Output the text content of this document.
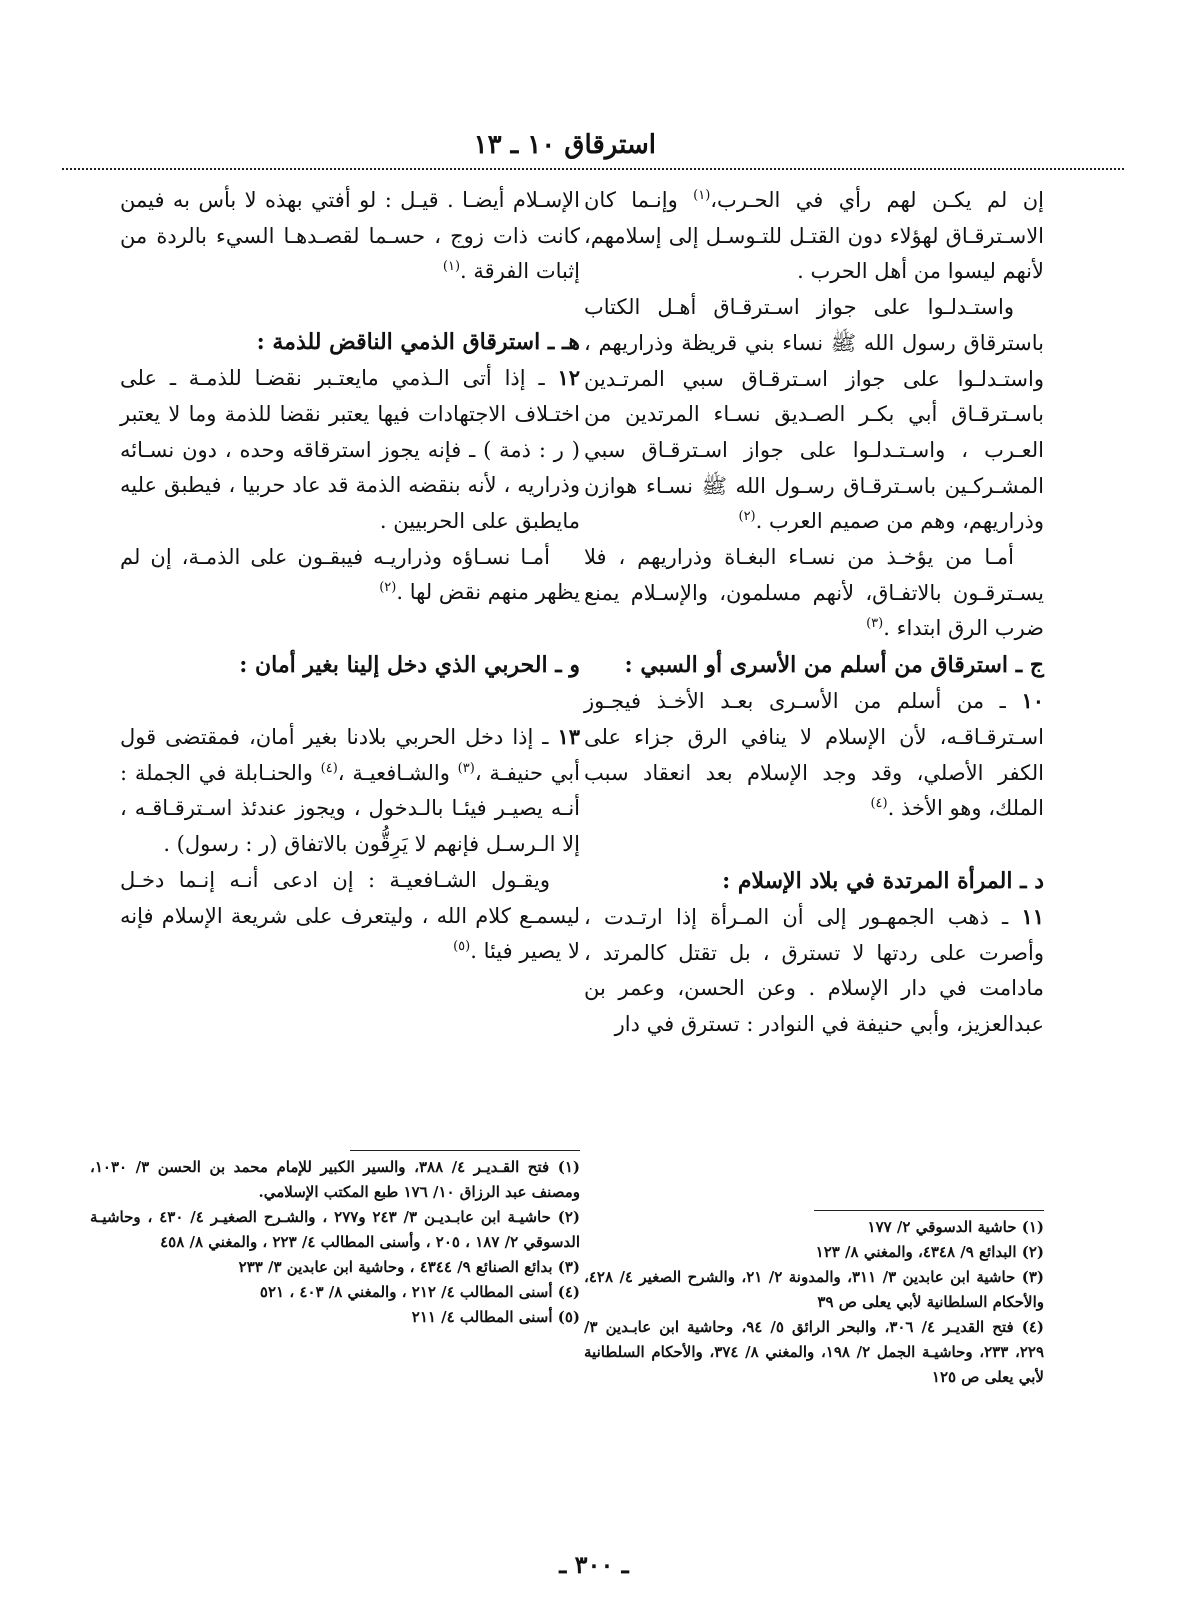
استرقاق ١٠ ـ ١٣

إن لم يكـن لهم رأي في الحـرب،$^{(١)}$ وإنـما كان الاسـترقـاق لهؤلاء دون القتـل للتـوسـل إلى إسلامهم، لأنهم ليسوا من أهل الحرب .

واستـدلـوا على جواز اسـترقـاق أهـل الكتاب باسترقاق رسول الله ﷺ نساء بني قريظة وذراريهم ، واستـدلـوا على جواز اسـترقـاق سبي المرتـدين باسـترقـاق أبي بكـر الصـديق نسـاء المرتدين من العـرب ، واسـتـدلـوا على جواز اسـترقـاق سبي المشـركـين باسـترقـاق رسـول الله ﷺ نسـاء هوازن وذراريهم، وهم من صميم العرب .$^{(٢)}$

أمـا من يؤخـذ من نسـاء البغـاة وذراريهم ، فلا يسـترقـون بالاتفـاق، لأنهم مسلمون، والإسـلام يمنع ضرب الرق ابتداء .$^{(٣)}$

ج ـ استرقاق من أسلم من الأسرى أو السبي :

١٠ ـ من أسلم من الأسـرى بعـد الأخـذ فيجـوز اسـترقـاقـه، لأن الإسلام لا ينافي الرق جزاء على الكفر الأصلي، وقد وجد الإسلام بعد انعقاد سبب الملك، وهو الأخذ .$^{(٤)}$

د ـ المرأة المرتدة في بلاد الإسلام :

١١ ـ ذهب الجمهـور إلى أن المـرأة إذا ارتـدت ، وأصرت على ردتها لا تسترق ، بل تقتل كالمرتد ، مادامت في دار الإسلام . وعن الحسن، وعمر بن عبدالعزيز، وأبي حنيفة في النوادر : تسترق في دار

(١) حاشية الدسوقي ٢/ ١٧٧

(٢) البدائع ٩/ ٤٣٤٨، والمغني ٨/ ١٢٣

(٣) حاشية ابن عابدين ٣/ ٣١١، والمدونة ٢/ ٢١، والشرح الصغير ٤/ ٤٢٨، والأحكام السلطانية لأبي يعلى ص ٣٩

(٤) فتح القديـر ٤/ ٣٠٦، والبحر الرائق ٥/ ٩٤، وحاشية ابن عابـدين ٣/ ٢٢٩، ٢٣٣، وحاشيـة الجمل ٢/ ١٩٨، والمغني ٨/ ٣٧٤، والأحكام السلطانية لأبي يعلى ص ١٢٥

الإسـلام أيضـا . قيـل : لو أفتي بهذه لا بأس به فيمن كانت ذات زوج ، حسـما لقصـدهـا السيء بالردة من إثبات الفرقة .$^{(١)}$

هـ ـ استرقاق الذمي الناقض للذمة :

١٢ ـ إذا أتى الـذمي مايعتـبر نقضـا للذمـة ـ على اختـلاف الاجتهادات فيها يعتبر نقضا للذمة وما لا يعتبر ( ر : ذمة ) ـ فإنه يجوز استرقاقه وحده ، دون نسـائه وذراريه ، لأنه بنقضه الذمة قد عاد حربيا ، فيطبق عليه مايطبق على الحربيين .

أمـا نسـاؤه وذراريـه فيبقـون على الذمـة، إن لم يظهر منهم نقض لها .$^{(٢)}$

و ـ الحربي الذي دخل إلينا بغير أمان :

١٣ ـ إذا دخل الحربي بلادنا بغير أمان، فمقتضى قول أبي حنيفـة ،$^{(٣)}$ والشـافعيـة ،$^{(٤)}$ والحنـابلة في الجملة : أنـه يصيـر فيئـا بالـدخول ، ويجوز عندئذ اسـترقـاقـه ، إلا الـرسـل فإنهم لا يَرِقُّون بالاتفاق (ر : رسول) .

ويقـول الشـافعيـة : إن ادعى أنـه إنـما دخـل ليسمـع كلام الله ، وليتعرف على شريعة الإسلام فإنه لا يصير فيئا .$^{(٥)}$

(١) فتح القـديـر ٤/ ٣٨٨، والسير الكبير للإمام محمد بن الحسن ٣/ ١٠٣٠، ومصنف عبد الرزاق ١٠/ ١٧٦ طبع المكتب الإسلامي.

(٢) حاشيـة ابن عابـديـن ٣/ ٢٤٣ و٢٧٧ ، والشـرح الصغيـر ٤/ ٤٣٠ ، وحاشيـة الدسوقي ٢/ ١٨٧ ، ٢٠٥ ، وأسنى المطالب ٤/ ٢٢٣ ، والمغني ٨/ ٤٥٨

(٣) بدائع الصنائع ٩/ ٤٣٤٤ ، وحاشية ابن عابدين ٣/ ٢٣٣

(٤) أسنى المطالب ٤/ ٢١٢ ، والمغني ٨/ ٤٠٣ ، ٥٢١

(٥) أسنى المطالب ٤/ ٢١١

ـ ٣٠٠ ـ
